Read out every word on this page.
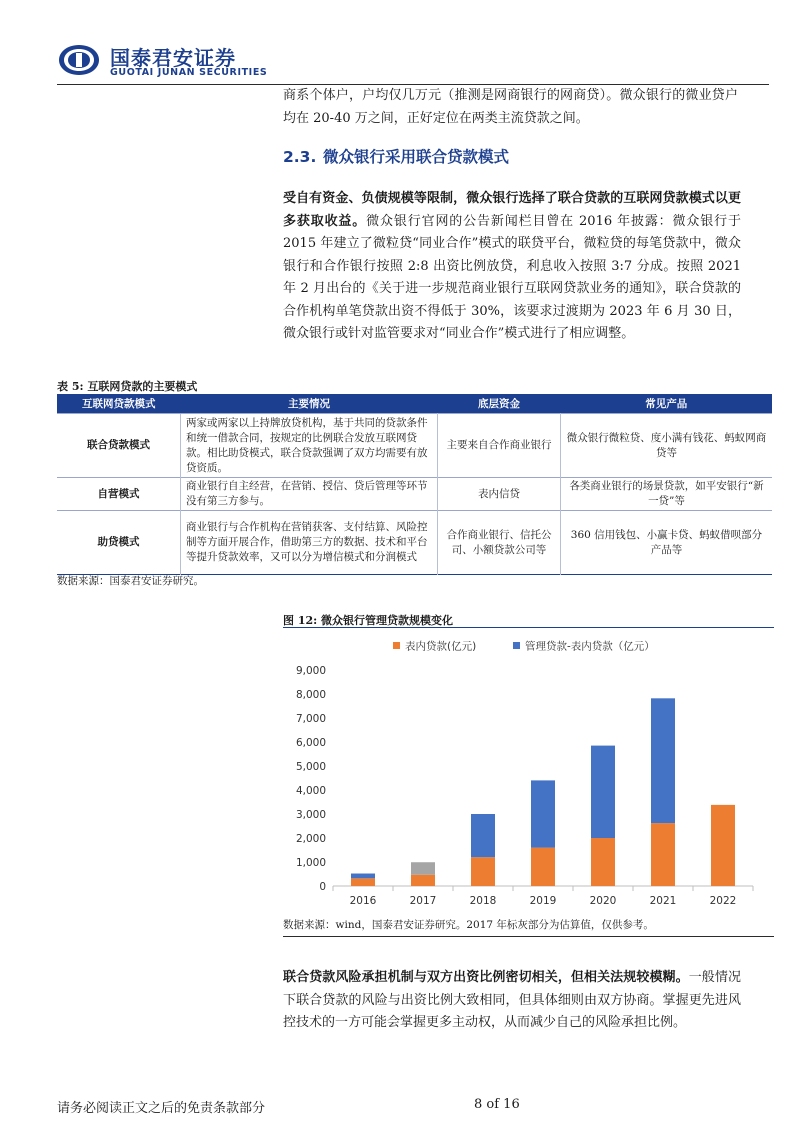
国泰君安证券
GUOTAI JUNAN SECURITIES
商系个体户，户均仅几万元（推测是网商银行的网商贷）。微众银行的微业贷户均在 20-40 万之间，正好定位在两类主流贷款之间。
2.3. 微众银行采用联合贷款模式
受自有资金、负债规模等限制，微众银行选择了联合贷款的互联网贷款模式以更多获取收益。微众银行官网的公告新闻栏目曾在 2016 年披露：微众银行于 2015 年建立了微粒贷“同业合作”模式的联贷平台，微粒贷的每笔贷款中，微众银行和合作银行按照 2:8 出资比例放贷，利息收入按照 3:7 分成。按照 2021 年 2 月出台的《关于进一步规范商业银行互联网贷款业务的通知》，联合贷款的合作机构单笔贷款出资不得低于 30%，该要求过渡期为 2023 年 6 月 30 日，微众银行或针对监管要求对“同业合作”模式进行了相应调整。
表 5: 互联网贷款的主要模式
互联网贷款模式	主要情况	底层资金	常见产品
联合贷款模式	两家或两家以上持牌放贷机构，基于共同的贷款条件和统一借款合同，按规定的比例联合发放互联网贷款。相比助贷模式，联合贷款强调了双方均需要有放贷资质。	主要来自合作商业银行	微众银行微粒贷、度小满有钱花、蚂蚁网商贷等
自营模式	商业银行自主经营，在营销、授信、贷后管理等环节没有第三方参与。	表内信贷	各类商业银行的场景贷款，如平安银行“新一贷”等
助贷模式	商业银行与合作机构在营销获客、支付结算、风险控制等方面开展合作，借助第三方的数据、技术和平台等提升贷款效率，又可以分为增信模式和分润模式	合作商业银行、信托公司、小额贷款公司等	360 信用钱包、小赢卡贷、蚂蚁借呗部分产品等
数据来源：国泰君安证券研究。
图 12: 微众银行管理贷款规模变化
表内贷款(亿元)	管理贷款-表内贷款（亿元）
0
1,000
2,000
3,000
4,000
5,000
6,000
7,000
8,000
9,000
2016	2017	2018	2019	2020	2021	2022
数据来源：wind，国泰君安证券研究。2017 年标灰部分为估算值，仅供参考。
联合贷款风险承担机制与双方出资比例密切相关，但相关法规较模糊。一般情况下联合贷款的风险与出资比例大致相同，但具体细则由双方协商。掌握更先进风控技术的一方可能会掌握更多主动权，从而减少自己的风险承担比例。
请务必阅读正文之后的免责条款部分	8 of 16
